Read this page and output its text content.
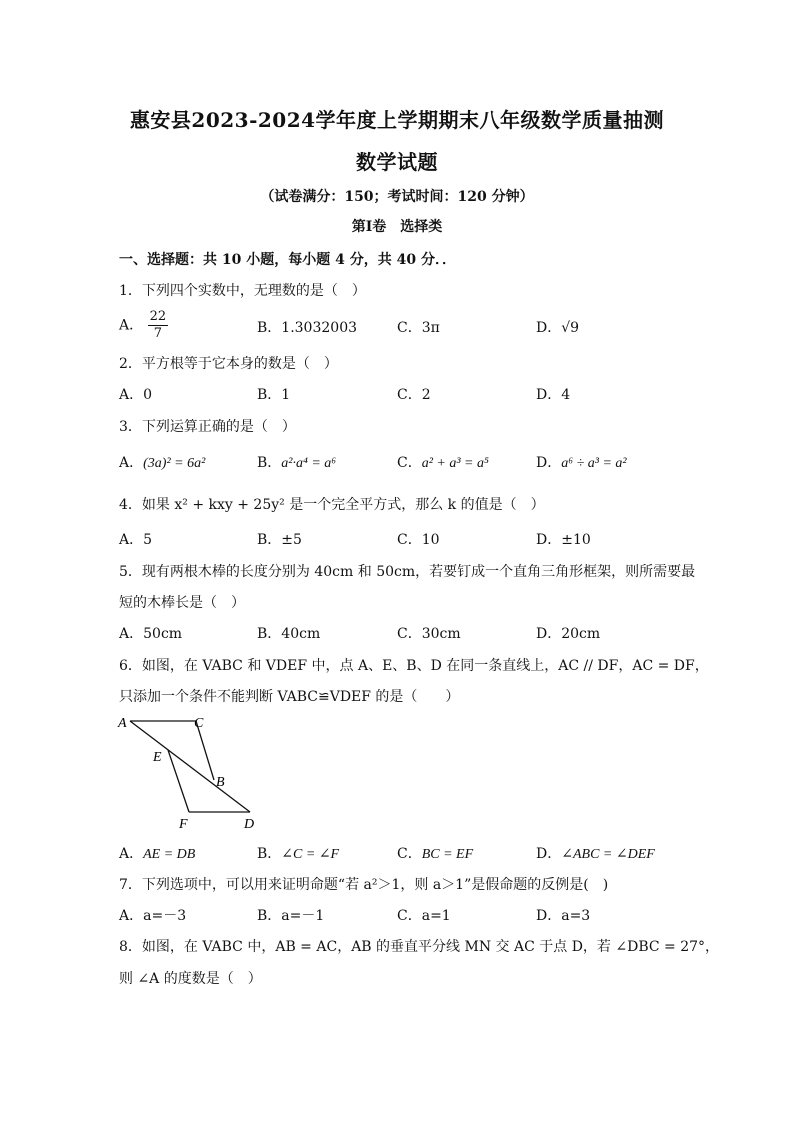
惠安县2023-2024学年度上学期期末八年级数学质量抽测
数学试题
（试卷满分：150；考试时间：120 分钟）
第Ⅰ卷　选择类
一、选择题：共 10 小题，每小题 4 分，共 40 分．．
1．下列四个实数中，无理数的是（　）
A． $\frac{22}{7}$	B．1.3032003	C．3π	D．√9
2．平方根等于它本身的数是（　）
A．0	B．1	C．2	D．4
3．下列运算正确的是（　）
A．(3a)² = 6a²	B．a²·a⁴ = a⁶	C．a² + a³ = a⁵	D．a⁶ ÷ a³ = a²
4．如果 x² + kxy + 25y² 是一个完全平方式，那么 k 的值是（　）
A．5	B．±5	C．10	D．±10
5．现有两根木棒的长度分别为 40cm 和 50cm，若要钉成一个直角三角形框架，则所需要最
短的木棒长是（　）
A．50cm	B．40cm	C．30cm	D．20cm
6．如图，在 VABC 和 VDEF 中，点 A、E、B、D 在同一条直线上，AC // DF，AC = DF，
只添加一个条件不能判断 VABC≌VDEF 的是（　　）
A	C
E
B
F	D
A．AE = DB	B．∠C = ∠F	C．BC = EF	D．∠ABC = ∠DEF
7．下列选项中，可以用来证明命题“若 a²＞1，则 a＞1”是假命题的反例是(　)
A．a=－3	B．a=－1	C．a=1	D．a=3
8．如图，在 VABC 中，AB = AC，AB 的垂直平分线 MN 交 AC 于点 D，若 ∠DBC = 27°，
则 ∠A 的度数是（　）
